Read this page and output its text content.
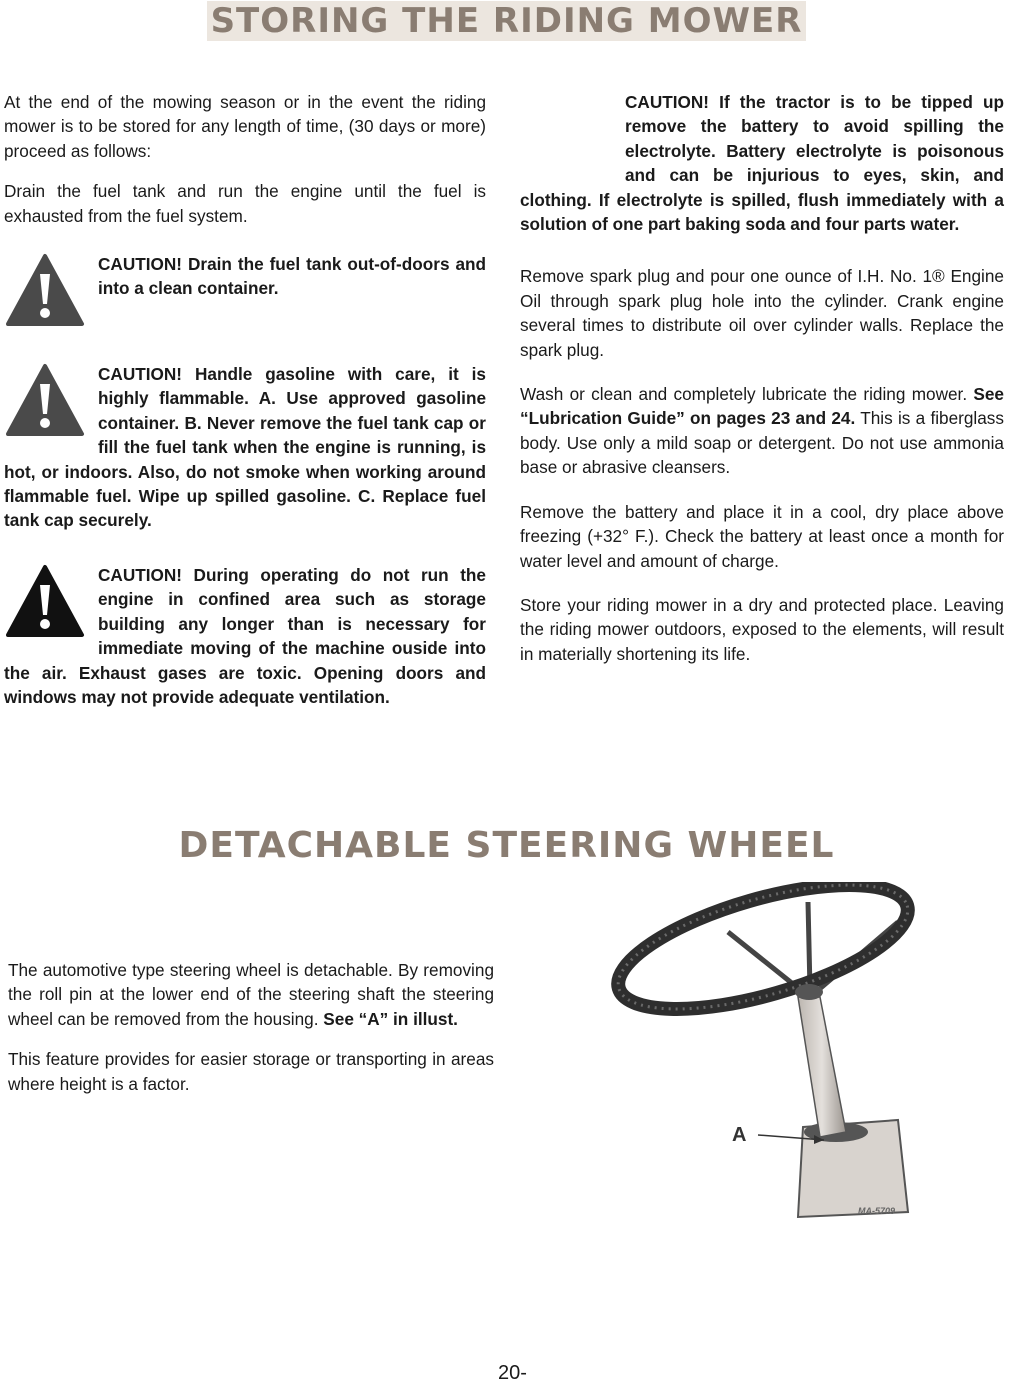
STORING THE RIDING MOWER

At the end of the mowing season or in the event the riding mower is to be stored for any length of time, (30 days or more) proceed as follows:

Drain the fuel tank and run the engine until the fuel is exhausted from the fuel system.

CAUTION! Drain the fuel tank out-of-doors and into a clean container.
CAUTION! Handle gasoline with care, it is highly flammable. A. Use approved gasoline container. B. Never remove the fuel tank cap or fill the fuel tank when the engine is running, is hot, or indoors. Also, do not smoke when working around flammable fuel. Wipe up spilled gasoline. C. Replace fuel tank cap securely.
CAUTION! During operating do not run the engine in confined area such as storage building any longer than is necessary for immediate moving of the machine ouside into the air. Exhaust gases are toxic. Opening doors and windows may not provide adequate ventilation.
CAUTION! If the tractor is to be tipped up remove the battery to avoid spilling the electrolyte. Battery electrolyte is poisonous and can be injurious to eyes, skin, and clothing. If electrolyte is spilled, flush immediately with a solution of one part baking soda and four parts water.

Remove spark plug and pour one ounce of I.H. No. 1® Engine Oil through spark plug hole into the cylinder. Crank engine several times to distribute oil over cylinder walls. Replace the spark plug.

Wash or clean and completely lubricate the riding mower. See “Lubrication Guide” on pages 23 and 24. This is a fiberglass body. Use only a mild soap or detergent. Do not use ammonia base or abrasive cleansers.

Remove the battery and place it in a cool, dry place above freezing (+32° F.). Check the battery at least once a month for water level and amount of charge.

Store your riding mower in a dry and protected place. Leaving the riding mower outdoors, exposed to the elements, will result in materially shortening its life.

DETACHABLE STEERING WHEEL

The automotive type steering wheel is detachable. By removing the roll pin at the lower end of the steering shaft the steering wheel can be removed from the housing. See “A” in illust.

This feature provides for easier storage or transporting in areas where height is a factor.

A
MA-5709
20-
